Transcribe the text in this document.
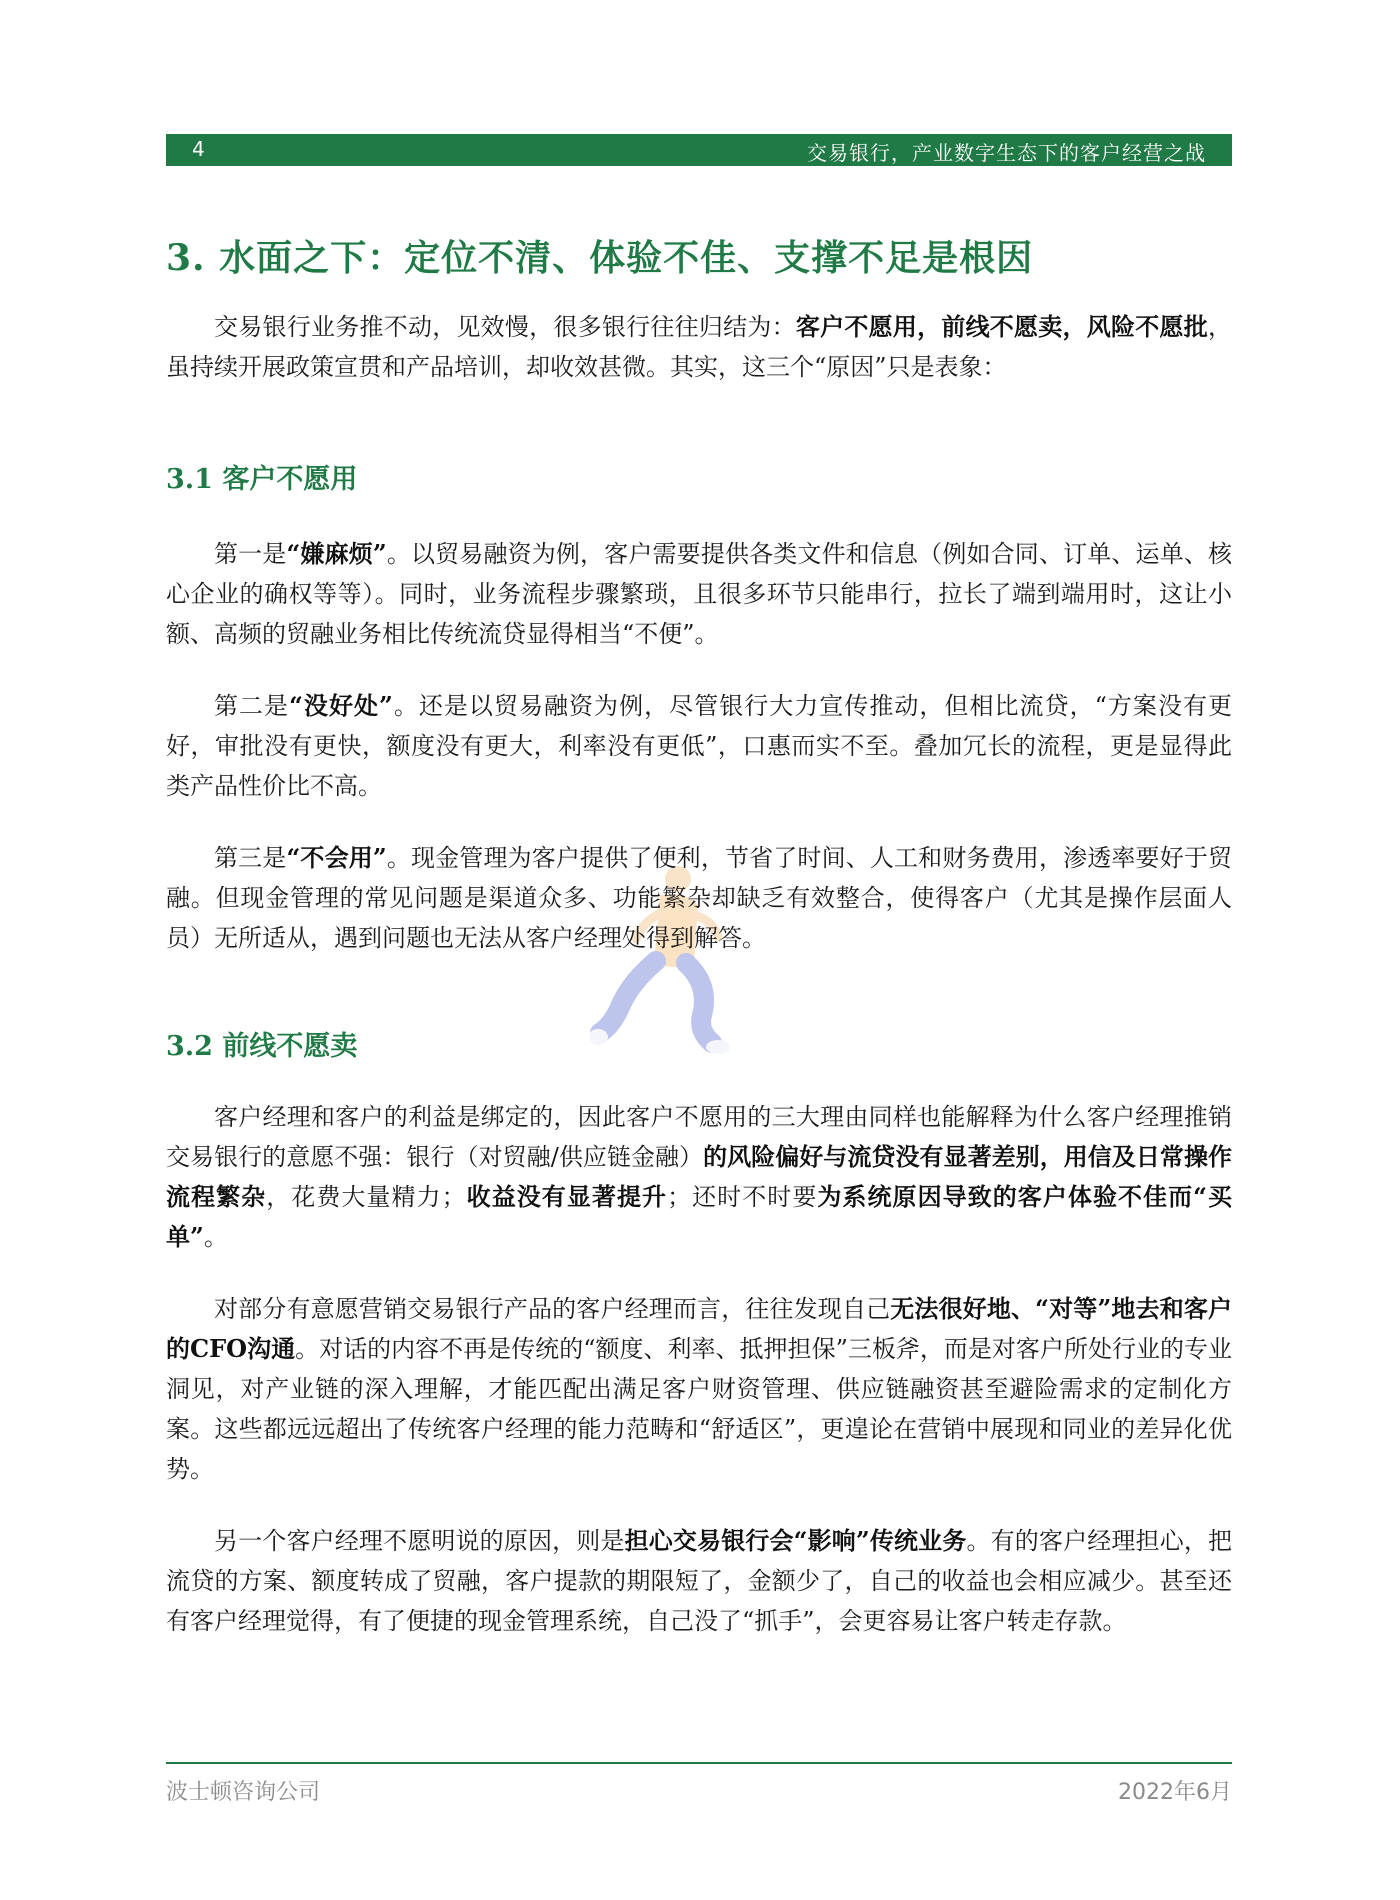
4	交易银行，产业数字生态下的客户经营之战
3. 水面之下：定位不清、体验不佳、支撑不足是根因

交易银行业务推不动，见效慢，很多银行往往归结为：客户不愿用，前线不愿卖，风险不愿批，虽持续开展政策宣贯和产品培训，却收效甚微。其实，这三个“原因”只是表象：

3.1 客户不愿用

第一是“嫌麻烦”。以贸易融资为例，客户需要提供各类文件和信息（例如合同、订单、运单、核心企业的确权等等）。同时，业务流程步骤繁琐，且很多环节只能串行，拉长了端到端用时，这让小额、高频的贸融业务相比传统流贷显得相当“不便”。

第二是“没好处”。还是以贸易融资为例，尽管银行大力宣传推动，但相比流贷，“方案没有更好，审批没有更快，额度没有更大，利率没有更低”，口惠而实不至。叠加冗长的流程，更是显得此类产品性价比不高。

第三是“不会用”。现金管理为客户提供了便利，节省了时间、人工和财务费用，渗透率要好于贸融。但现金管理的常见问题是渠道众多、功能繁杂却缺乏有效整合，使得客户（尤其是操作层面人员）无所适从，遇到问题也无法从客户经理处得到解答。

3.2 前线不愿卖

客户经理和客户的利益是绑定的，因此客户不愿用的三大理由同样也能解释为什么客户经理推销交易银行的意愿不强：银行（对贸融/供应链金融）的风险偏好与流贷没有显著差别，用信及日常操作流程繁杂，花费大量精力；收益没有显著提升；还时不时要为系统原因导致的客户体验不佳而“买单”。

对部分有意愿营销交易银行产品的客户经理而言，往往发现自己无法很好地、“对等”地去和客户的CFO沟通。对话的内容不再是传统的“额度、利率、抵押担保”三板斧，而是对客户所处行业的专业洞见，对产业链的深入理解，才能匹配出满足客户财资管理、供应链融资甚至避险需求的定制化方案。这些都远远超出了传统客户经理的能力范畴和“舒适区”，更遑论在营销中展现和同业的差异化优势。

另一个客户经理不愿明说的原因，则是担心交易银行会“影响”传统业务。有的客户经理担心，把流贷的方案、额度转成了贸融，客户提款的期限短了，金额少了，自己的收益也会相应减少。甚至还有客户经理觉得，有了便捷的现金管理系统，自己没了“抓手”，会更容易让客户转走存款。

波士顿咨询公司	2022年6月
